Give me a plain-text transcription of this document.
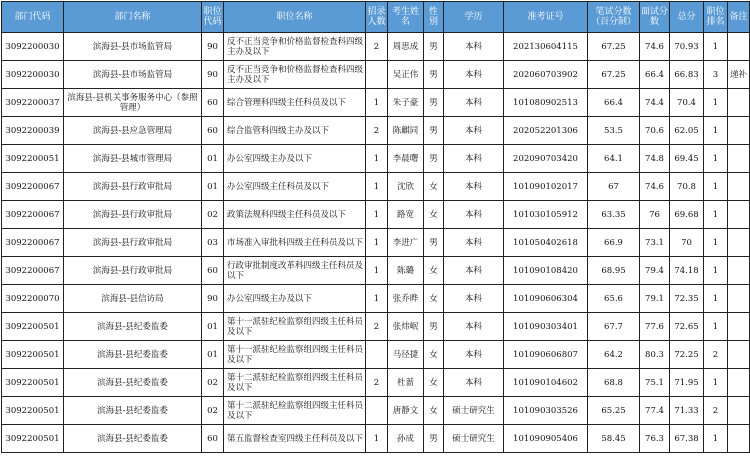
部门代码	部门名称	职位代码	职位名称	招录人数	考生姓名	性别	学历	准考证号	笔试分数（百分制）	面试分数	总分	职位排名	备注
3092200030	滨海县-县市场监管局	90	反不正当竞争和价格监督检查科四级主办及以下	2	周思成	男	本科	202130604115	67.25	74.6	70.93	1	
3092200030	滨海县-县市场监管局	90	反不正当竞争和价格监督检查科四级主办及以下		吴正伟	男	本科	202060703902	67.25	66.4	66.83	3	递补
3092200037	滨海县-县机关事务服务中心（参照管理）	60	综合管理科四级主任科员及以下	1	朱子豪	男	本科	101080902513	66.4	74.4	70.4	1	
3092200039	滨海县-县应急管理局	60	综合监管科四级主办及以下	2	陈麒同	男	本科	202052201306	53.5	70.6	62.05	1	
3092200051	滨海县-县城市管理局	01	办公室四级主办及以下	1	李晨曙	男	本科	202090703420	64.1	74.8	69.45	1	
3092200067	滨海县-县行政审批局	01	办公室四级主任科员及以下	1	沈欣	女	本科	101090102017	67	74.6	70.8	1	
3092200067	滨海县-县行政审批局	02	政策法规科四级主任科员及以下	1	路宽	女	本科	101030105912	63.35	76	69.68	1	
3092200067	滨海县-县行政审批局	03	市场准入审批科四级主任科员及以下	1	李进广	男	本科	101050402618	66.9	73.1	70	1	
3092200067	滨海县-县行政审批局	60	行政审批制度改革科四级主任科员及以下	1	陈璐	女	本科	101090108420	68.95	79.4	74.18	1	
3092200070	滨海县-县信访局	90	办公室四级主办及以下	1	张乔晔	女	本科	101090606304	65.6	79.1	72.35	1	
3092200501	滨海县-县纪委监委	01	第十一派驻纪检监察组四级主任科员及以下	2	张炜岷	男	本科	101090303401	67.7	77.6	72.65	1	
3092200501	滨海县-县纪委监委	01	第十一派驻纪检监察组四级主任科员及以下		马径捷	女	本科	101090606807	64.2	80.3	72.25	2	
3092200501	滨海县-县纪委监委	02	第十二派驻纪检监察组四级主任科员及以下	2	杜蔷	女	本科	101090104602	68.8	75.1	71.95	1	
3092200501	滨海县-县纪委监委	02	第十二派驻纪检监察组四级主任科员及以下		唐静文	女	硕士研究生	101090303526	65.25	77.4	71.33	2	
3092200501	滨海县-县纪委监委	60	第五监督检查室四级主任科员及以下	1	孙成	男	硕士研究生	101090905406	58.45	76.3	67.38	1	
